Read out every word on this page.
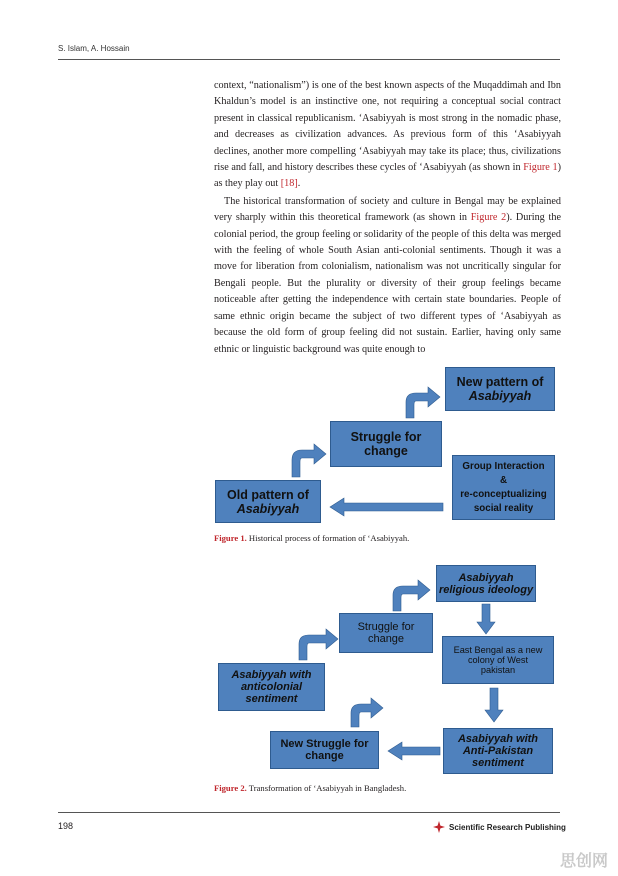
S. Islam, A. Hossain

context, “nationalism”) is one of the best known aspects of the Muqaddimah and Ibn Khaldun’s model is an instinctive one, not requiring a conceptual social contract present in classical republicanism. ‘Asabiyyah is most strong in the nomadic phase, and decreases as civilization advances. As previous form of this ‘Asabiyyah declines, another more compelling ‘Asabiyyah may take its place; thus, civilizations rise and fall, and history describes these cycles of ‘Asabiyyah (as shown in Figure 1) as they play out [18].

The historical transformation of society and culture in Bengal may be explained very sharply within this theoretical framework (as shown in Figure 2). During the colonial period, the group feeling or solidarity of the people of this delta was merged with the feeling of whole South Asian anti-colonial sentiments. Though it was a move for liberation from colonialism, nationalism was not uncritically singular for Bengali people. But the plurality or diversity of their group feelings became noticeable after getting the independence with certain state boundaries. People of same ethnic origin became the subject of two different types of ‘Asabiyyah as because the old form of group feeling did not sustain. Earlier, having only same ethnic or linguistic background was quite enough to

New pattern of
Asabiyyah
Struggle for
change
Group Interaction
&
re-conceptualizing
social reality
Old pattern of
Asabiyyah
Figure 1. Historical process of formation of ‘Asabiyyah.
Asabiyyah
religious ideology
Struggle for
change
East Bengal as a new
colony of West
pakistan
Asabiyyah with
anticolonial
sentiment
Asabiyyah with
Anti-Pakistan
sentiment
New Struggle for
change
Figure 2. Transformation of ‘Asabiyyah in Bangladesh.
198	Scientific Research Publishing
思创网
